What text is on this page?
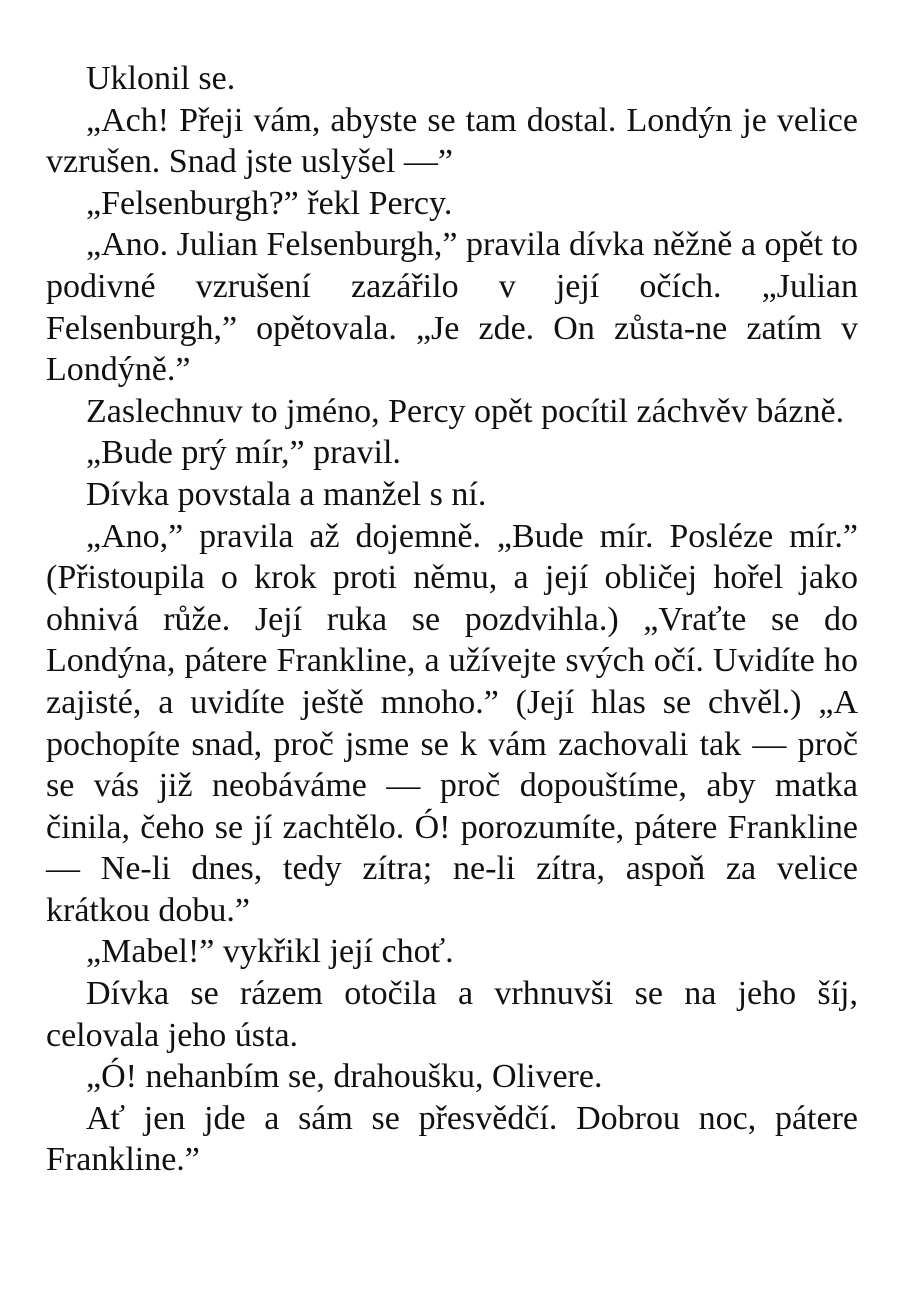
Uklonil se.

„Ach! Přeji vám, abyste se tam dostal. Londýn je velice vzrušen. Snad jste uslyšel —”

„Felsenburgh?” řekl Percy.

„Ano. Julian Felsenburgh,” pravila dívka něžně a opět to podivné vzrušení zazářilo v její očích. „Julian Felsenburgh,” opětovala. „Je zde. On zůsta-ne zatím v Londýně.”

Zaslechnuv to jméno, Percy opět pocítil záchvěv bázně.

„Bude prý mír,” pravil.

Dívka povstala a manžel s ní.

„Ano,” pravila až dojemně. „Bude mír. Posléze mír.” (Přistoupila o krok proti němu, a její obličej hořel jako ohnivá růže. Její ruka se pozdvihla.) „Vraťte se do Londýna, pátere Frankline, a užívejte svých očí. Uvidíte ho zajisté, a uvidíte ještě mnoho.” (Její hlas se chvěl.) „A pochopíte snad, proč jsme se k vám zachovali tak — proč se vás již neobáváme — proč dopouštíme, aby matka činila, čeho se jí zachtělo. Ó! porozumíte, pátere Frankline — Ne-li dnes, tedy zítra; ne-li zítra, aspoň za velice krátkou dobu.”

„Mabel!” vykřikl její choť.

Dívka se rázem otočila a vrhnuvši se na jeho šíj, celovala jeho ústa.

„Ó! nehanbím se, drahoušku, Olivere.

Ať jen jde a sám se přesvědčí. Dobrou noc, pátere Frankline.”
